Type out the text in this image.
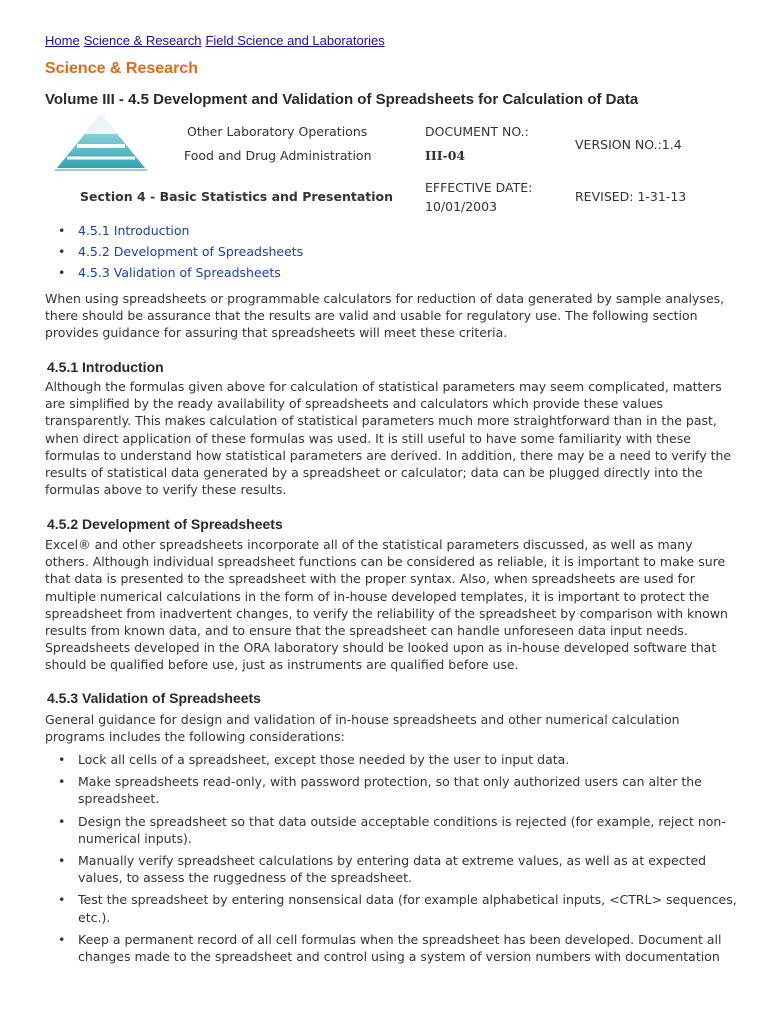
Home Science & Research Field Science and Laboratories
Science & Research
Volume III - 4.5 Development and Validation of Spreadsheets for Calculation of Data
Other Laboratory Operations
Food and Drug Administration
DOCUMENT NO.:
III-04
VERSION NO.:1.4
Section 4 - Basic Statistics and Presentation
EFFECTIVE DATE:
10/01/2003
REVISED: 1-31-13
• 4.5.1 Introduction
• 4.5.2 Development of Spreadsheets
• 4.5.3 Validation of Spreadsheets

When using spreadsheets or programmable calculators for reduction of data generated by sample analyses, there should be assurance that the results are valid and usable for regulatory use. The following section provides guidance for assuring that spreadsheets will meet these criteria.

4.5.1 Introduction

Although the formulas given above for calculation of statistical parameters may seem complicated, matters are simplified by the ready availability of spreadsheets and calculators which provide these values transparently. This makes calculation of statistical parameters much more straightforward than in the past, when direct application of these formulas was used. It is still useful to have some familiarity with these formulas to understand how statistical parameters are derived. In addition, there may be a need to verify the results of statistical data generated by a spreadsheet or calculator; data can be plugged directly into the formulas above to verify these results.

4.5.2 Development of Spreadsheets

Excel® and other spreadsheets incorporate all of the statistical parameters discussed, as well as many others. Although individual spreadsheet functions can be considered as reliable, it is important to make sure that data is presented to the spreadsheet with the proper syntax. Also, when spreadsheets are used for multiple numerical calculations in the form of in-house developed templates, it is important to protect the spreadsheet from inadvertent changes, to verify the reliability of the spreadsheet by comparison with known results from known data, and to ensure that the spreadsheet can handle unforeseen data input needs. Spreadsheets developed in the ORA laboratory should be looked upon as in-house developed software that should be qualified before use, just as instruments are qualified before use.

4.5.3 Validation of Spreadsheets

General guidance for design and validation of in-house spreadsheets and other numerical calculation programs includes the following considerations:

• Lock all cells of a spreadsheet, except those needed by the user to input data.
• Make spreadsheets read-only, with password protection, so that only authorized users can alter the spreadsheet.
• Design the spreadsheet so that data outside acceptable conditions is rejected (for example, reject non-numerical inputs).
• Manually verify spreadsheet calculations by entering data at extreme values, as well as at expected values, to assess the ruggedness of the spreadsheet.
• Test the spreadsheet by entering nonsensical data (for example alphabetical inputs, <CTRL> sequences, etc.).
• Keep a permanent record of all cell formulas when the spreadsheet has been developed. Document all changes made to the spreadsheet and control using a system of version numbers with documentation
